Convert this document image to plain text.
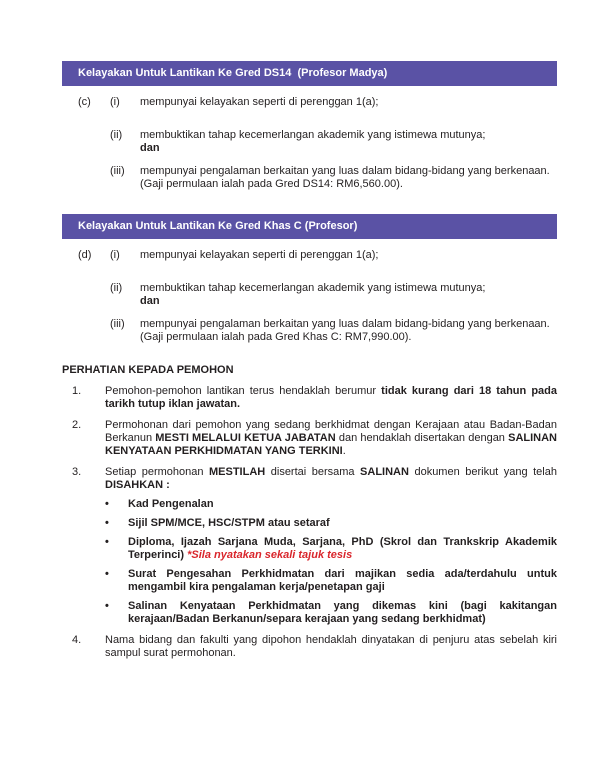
Kelayakan Untuk Lantikan Ke Gred DS14  (Profesor Madya)
(c)	(i)	mempunyai kelayakan seperti di perenggan 1(a);
(ii)	membuktikan tahap kecemerlangan akademik yang istimewa mutunya;
dan
(iii)	mempunyai pengalaman berkaitan yang luas dalam bidang-bidang yang berkenaan.
(Gaji permulaan ialah pada Gred DS14: RM6,560.00).
Kelayakan Untuk Lantikan Ke Gred Khas C (Profesor)
(d)	(i)	mempunyai kelayakan seperti di perenggan 1(a);
(ii)	membuktikan tahap kecemerlangan akademik yang istimewa mutunya;
dan
(iii)	mempunyai pengalaman berkaitan yang luas dalam bidang-bidang yang berkenaan.
(Gaji permulaan ialah pada Gred Khas C: RM7,990.00).
PERHATIAN KEPADA PEMOHON
1.	Pemohon-pemohon lantikan terus hendaklah berumur tidak kurang dari 18 tahun pada tarikh tutup iklan jawatan.
2.	Permohonan dari pemohon yang sedang berkhidmat dengan Kerajaan atau Badan-Badan Berkanun MESTI MELALUI KETUA JABATAN dan hendaklah disertakan dengan SALINAN KENYATAAN PERKHIDMATAN YANG TERKINI.
3.	Setiap permohonan MESTILAH disertai bersama SALINAN dokumen berikut yang telah DISAHKAN :
•	Kad Pengenalan
•	Sijil SPM/MCE, HSC/STPM atau setaraf
•	Diploma, Ijazah Sarjana Muda, Sarjana, PhD (Skrol dan Trankskrip Akademik Terperinci) *Sila nyatakan sekali tajuk tesis
•	Surat Pengesahan Perkhidmatan dari majikan sedia ada/terdahulu untuk mengambil kira pengalaman kerja/penetapan gaji
•	Salinan Kenyataan Perkhidmatan yang dikemas kini (bagi kakitangan kerajaan/Badan Berkanun/separa kerajaan yang sedang berkhidmat)
4.	Nama bidang dan fakulti yang dipohon hendaklah dinyatakan di penjuru atas sebelah kiri sampul surat permohonan.
